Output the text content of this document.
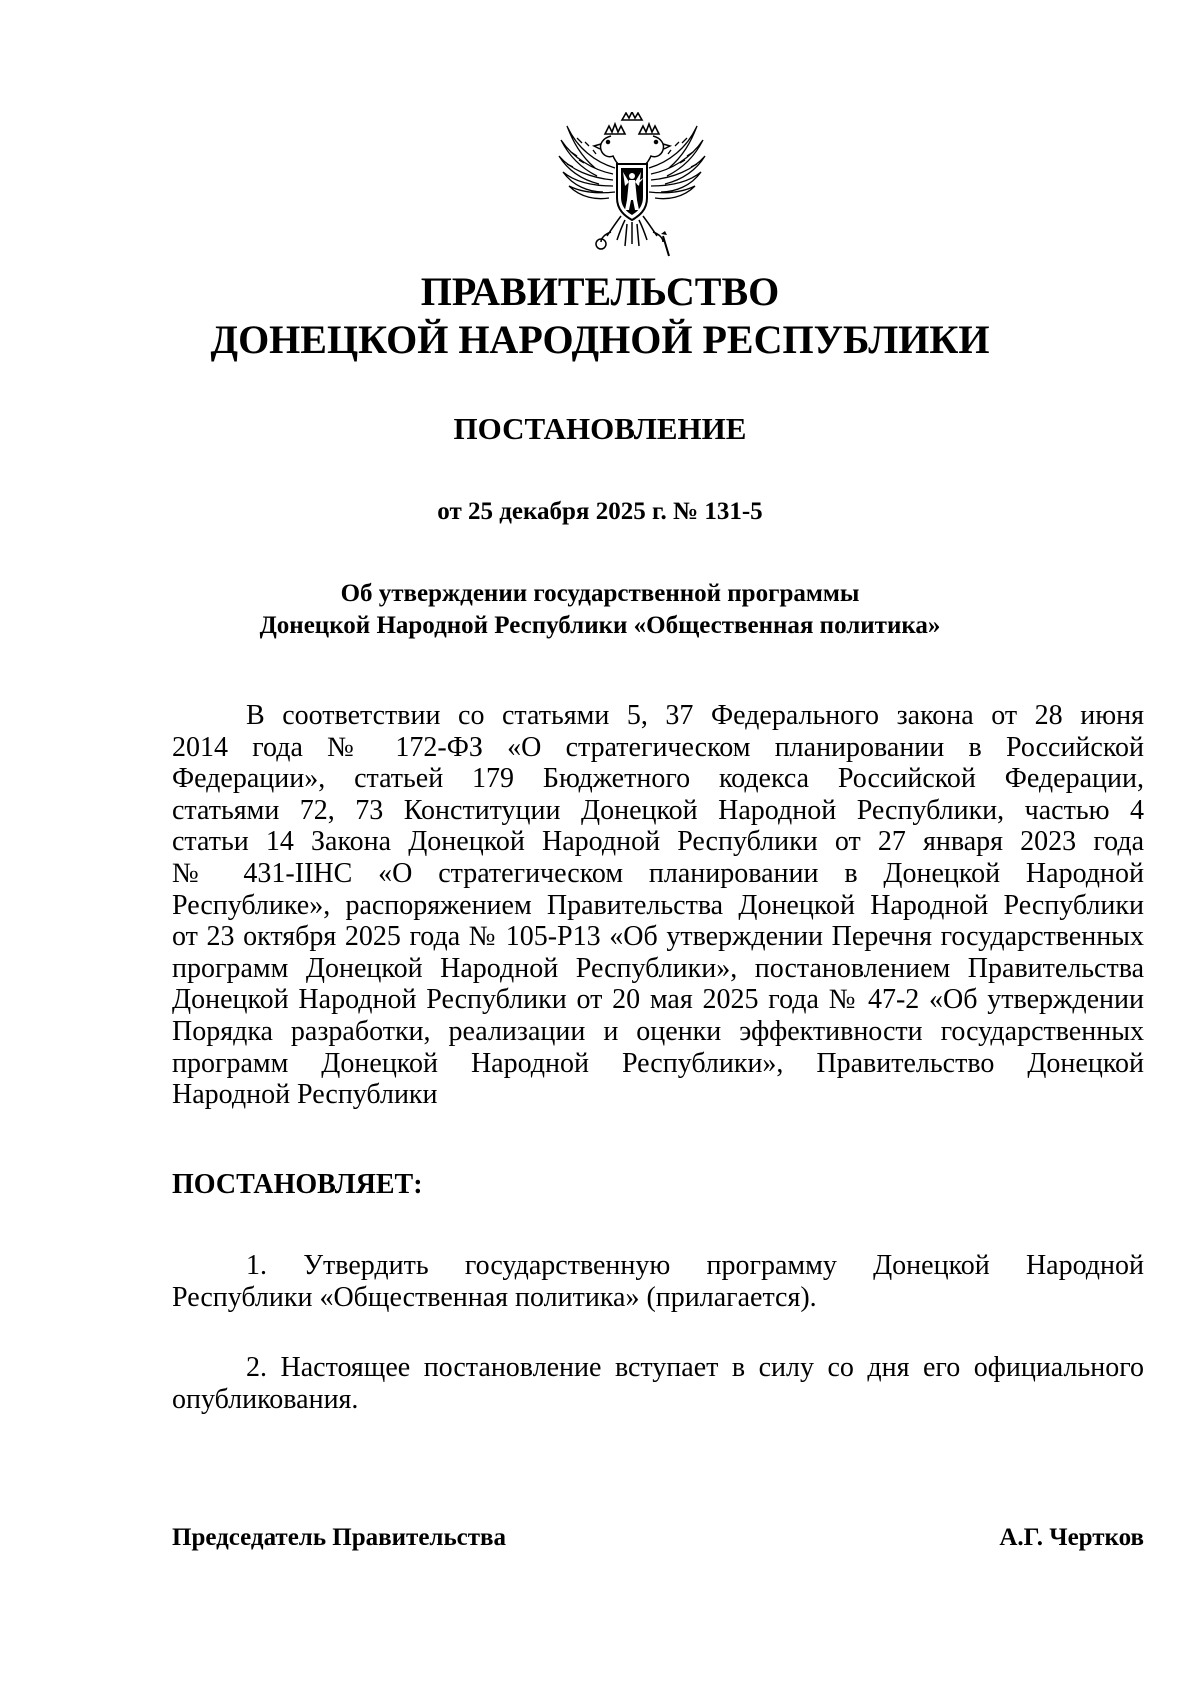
ПРАВИТЕЛЬСТВО
ДОНЕЦКОЙ НАРОДНОЙ РЕСПУБЛИКИ
ПОСТАНОВЛЕНИЕ
от 25 декабря 2025 г. № 131-5
Об утверждении государственной программы
Донецкой Народной Республики «Общественная политика»
В соответствии со статьями 5, 37 Федерального закона от 28 июня
2014 года № 172-ФЗ «О стратегическом планировании в Российской
Федерации», статьей 179 Бюджетного кодекса Российской Федерации,
статьями 72, 73 Конституции Донецкой Народной Республики, частью 4
статьи 14 Закона Донецкой Народной Республики от 27 января 2023 года
№ 431-IIНС «О стратегическом планировании в Донецкой Народной
Республике», распоряжением Правительства Донецкой Народной Республики
от 23 октября 2025 года № 105-Р13 «Об утверждении Перечня государственных
программ Донецкой Народной Республики», постановлением Правительства
Донецкой Народной Республики от 20 мая 2025 года № 47-2 «Об утверждении
Порядка разработки, реализации и оценки эффективности государственных
программ Донецкой Народной Республики», Правительство Донецкой
Народной Республики
ПОСТАНОВЛЯЕТ:
1. Утвердить государственную программу Донецкой Народной
Республики «Общественная политика» (прилагается).
2. Настоящее постановление вступает в силу со дня его официального
опубликования.
Председатель Правительства	А.Г. Чертков
